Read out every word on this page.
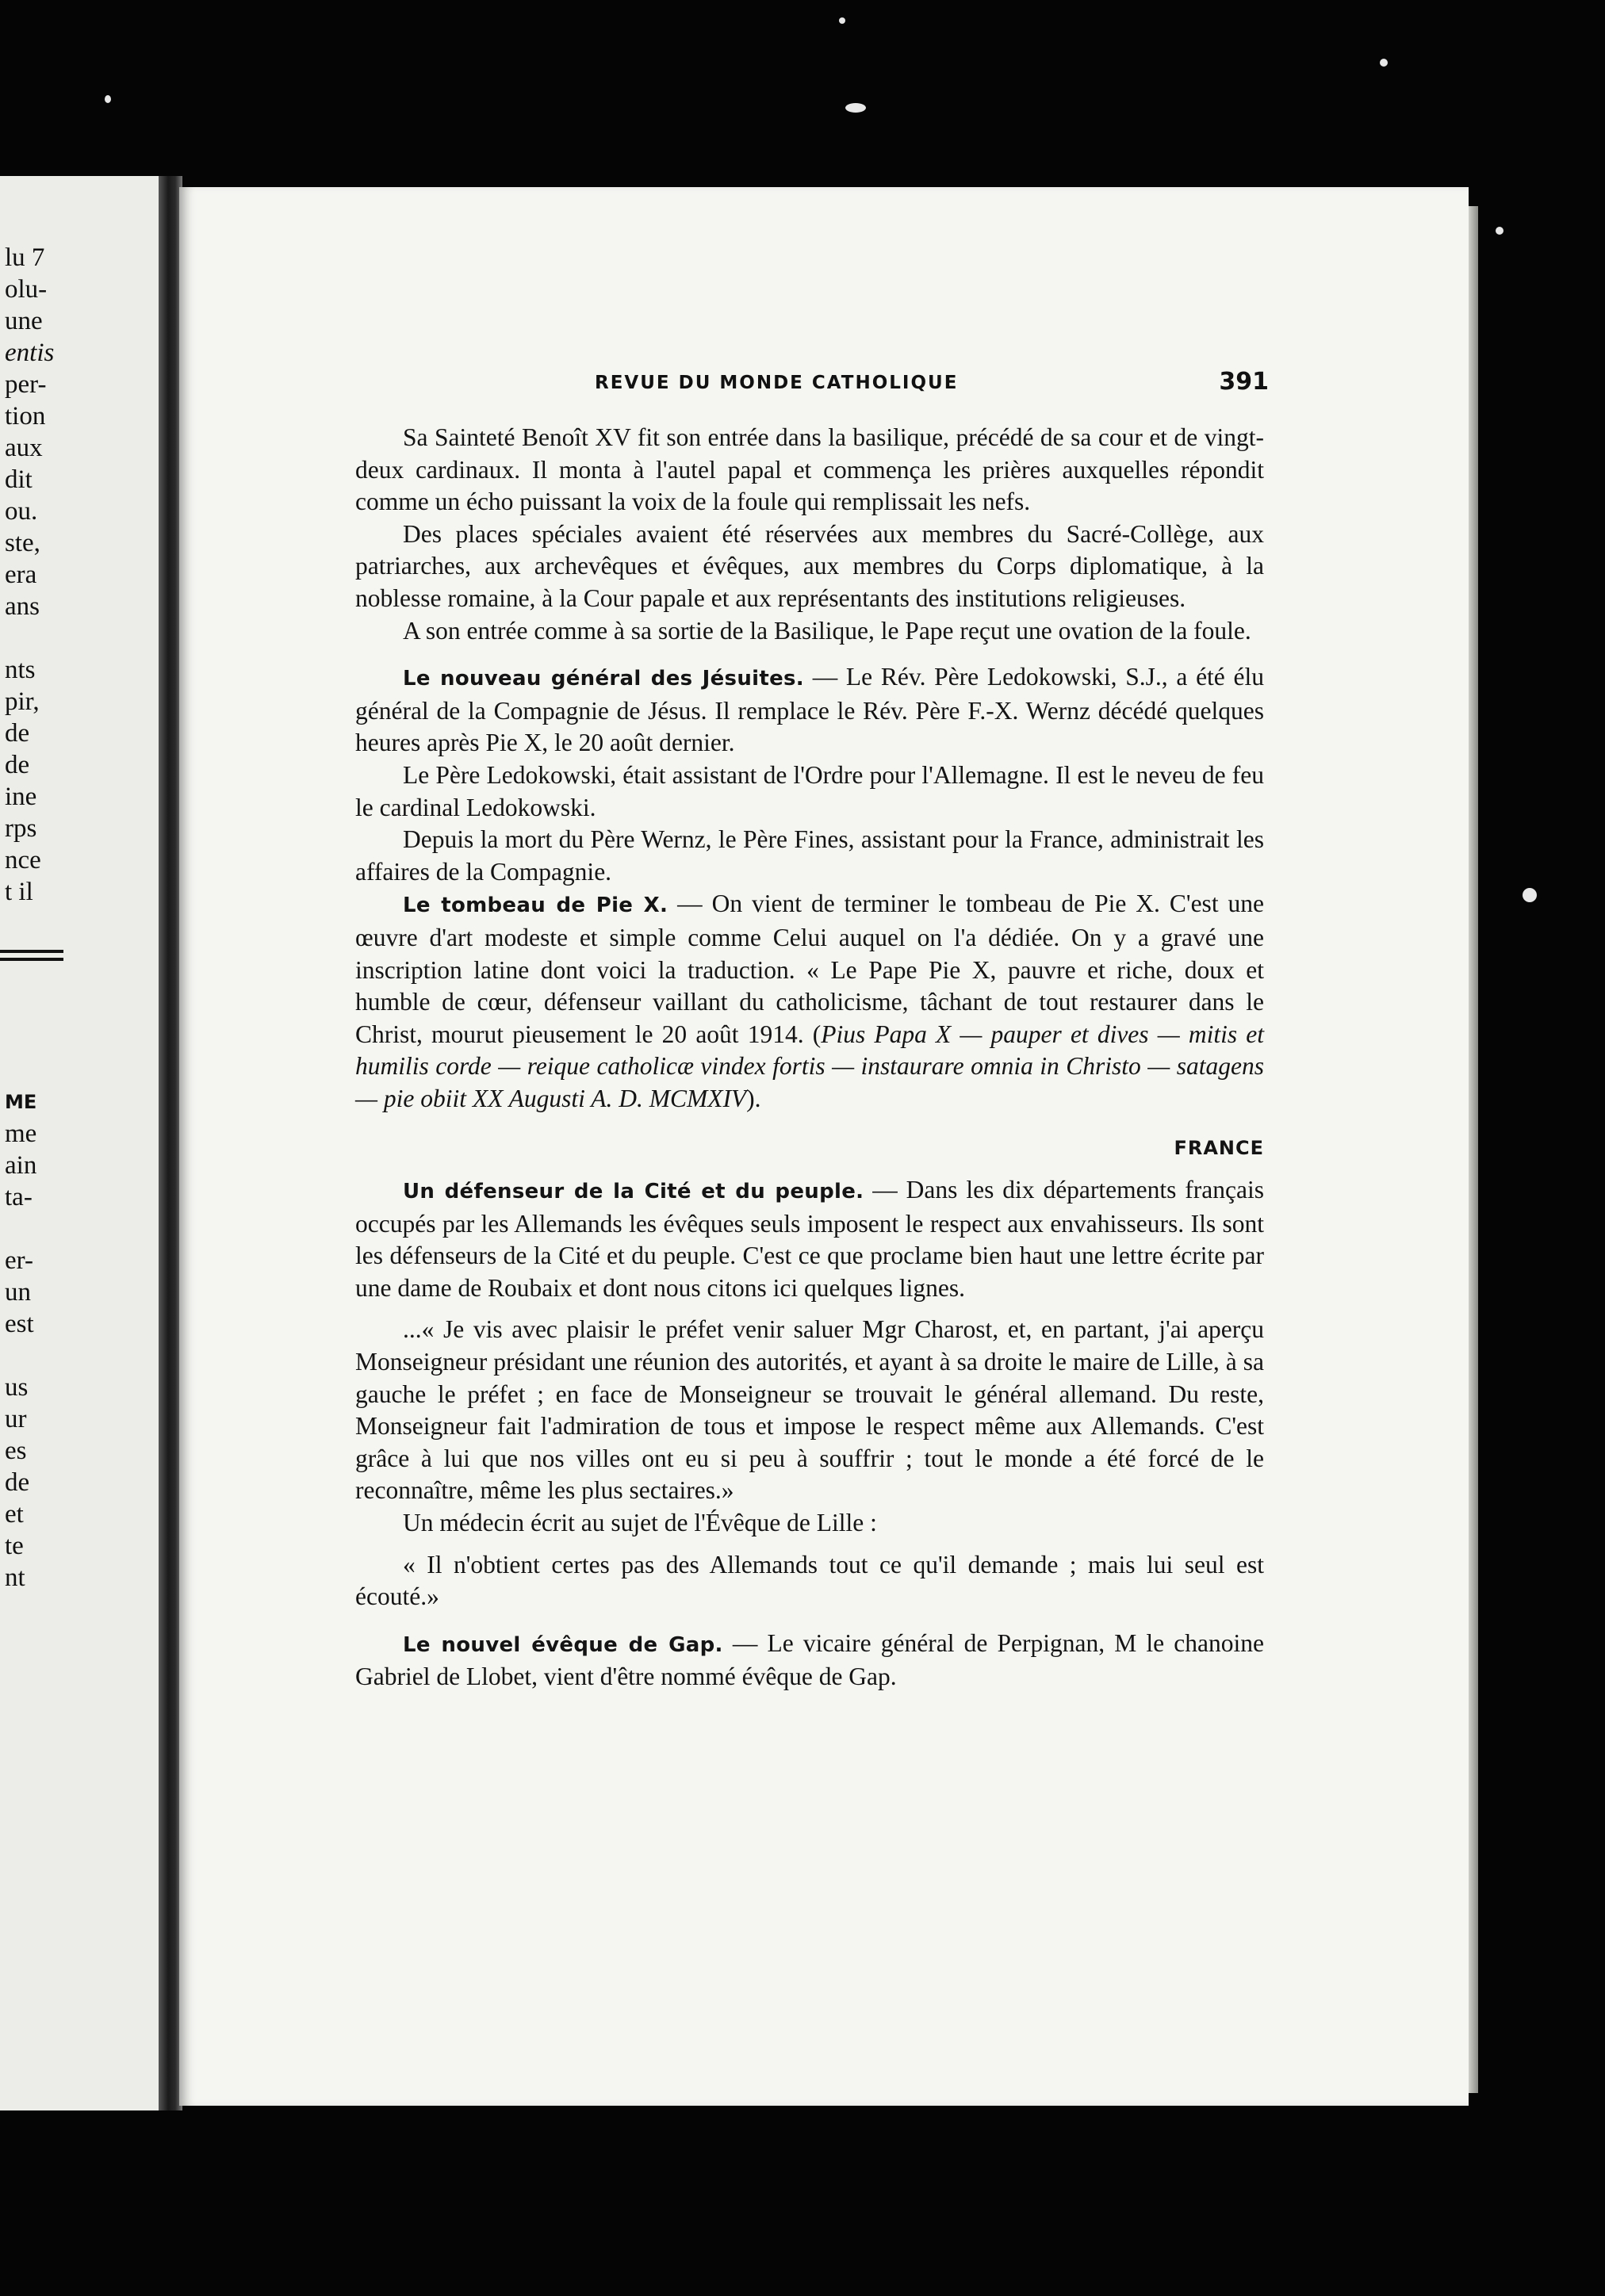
lu 7
olu-
une
entis
per-
tion
aux
dit
ou.
ste,
era
ans
nts
pir,
de
de
ine
rps
nce
t il
ME
me
ain
ta-
er-
un
est
us
ur
es
de
et
te
nt
REVUE DU MONDE CATHOLIQUE	391

Sa Sainteté Benoît XV fit son entrée dans la basilique, précédé de sa cour et de vingt-deux cardinaux. Il monta à l'autel papal et commença les prières auxquelles répondit comme un écho puissant la voix de la foule qui remplissait les nefs.

Des places spéciales avaient été réservées aux membres du Sacré-Collège, aux patriarches, aux archevêques et évêques, aux membres du Corps diplomatique, à la noblesse romaine, à la Cour papale et aux représentants des institutions religieuses.

A son entrée comme à sa sortie de la Basilique, le Pape reçut une ovation de la foule.

Le nouveau général des Jésuites. — Le Rév. Père Ledokowski, S.J., a été élu général de la Compagnie de Jésus. Il remplace le Rév. Père F.-X. Wernz décédé quelques heures après Pie X, le 20 août dernier.

Le Père Ledokowski, était assistant de l'Ordre pour l'Allemagne. Il est le neveu de feu le cardinal Ledokowski.

Depuis la mort du Père Wernz, le Père Fines, assistant pour la France, administrait les affaires de la Compagnie.

Le tombeau de Pie X. — On vient de terminer le tombeau de Pie X. C'est une œuvre d'art modeste et simple comme Celui auquel on l'a dédiée. On y a gravé une inscription latine dont voici la traduction. « Le Pape Pie X, pauvre et riche, doux et humble de cœur, défenseur vaillant du catholicisme, tâchant de tout restaurer dans le Christ, mourut pieusement le 20 août 1914. (Pius Papa X — pauper et dives — mitis et humilis corde — reique catholicæ vindex fortis — instaurare omnia in Christo — satagens — pie obiit XX Augusti A. D. MCMXIV).

FRANCE

Un défenseur de la Cité et du peuple. — Dans les dix départements français occupés par les Allemands les évêques seuls imposent le respect aux envahisseurs. Ils sont les défenseurs de la Cité et du peuple. C'est ce que proclame bien haut une lettre écrite par une dame de Roubaix et dont nous citons ici quelques lignes.

...« Je vis avec plaisir le préfet venir saluer Mgr Charost, et, en partant, j'ai aperçu Monseigneur présidant une réunion des autorités, et ayant à sa droite le maire de Lille, à sa gauche le préfet ; en face de Monseigneur se trouvait le général allemand. Du reste, Monseigneur fait l'admiration de tous et impose le respect même aux Allemands. C'est grâce à lui que nos villes ont eu si peu à souffrir ; tout le monde a été forcé de le reconnaître, même les plus sectaires.»

Un médecin écrit au sujet de l'Évêque de Lille :

« Il n'obtient certes pas des Allemands tout ce qu'il demande ; mais lui seul est écouté.»

Le nouvel évêque de Gap. — Le vicaire général de Perpignan, M le chanoine Gabriel de Llobet, vient d'être nommé évêque de Gap.
